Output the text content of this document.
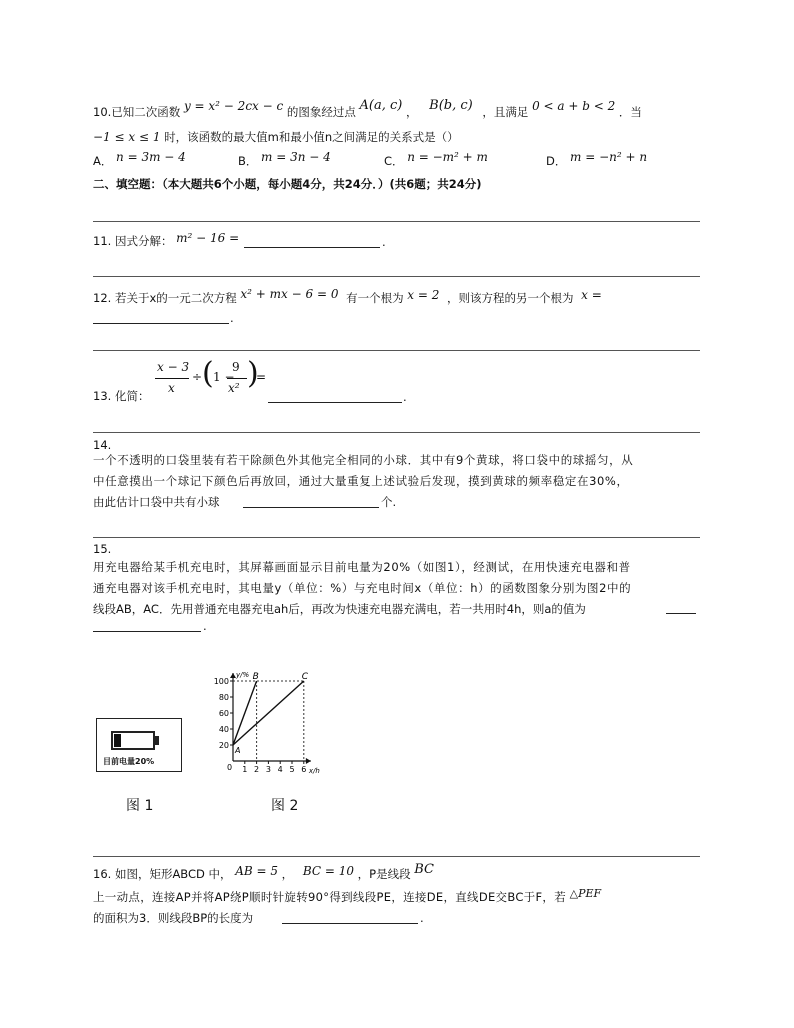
10.已知二次函数 y = x² − 2cx − c 的图象经过点 A(a, c) ， B(b, c) ，且满足 0 < a + b < 2 ．当
−1 ≤ x ≤ 1 时，该函数的最大值m和最小值n之间满足的关系式是（）
A． n = 3m − 4	B． m = 3n − 4	C． n = −m² + m	D． m = −n² + n
二、填空题：（本大题共6个小题，每小题4分，共24分．）(共6题；共24分)
11. 因式分解： m² − 16 =	.
12. 若关于x的一元二次方程 x² + mx − 6 = 0 有一个根为 x = 2 ，则该方程的另一个根为 x =
.
13. 化简：
x − 3
x
÷ ( 1 −
9
x² )
=
.
14.
一个不透明的口袋里装有若干除颜色外其他完全相同的小球．其中有9个黄球，将口袋中的球摇匀，从
中任意摸出一个球记下颜色后再放回，通过大量重复上述试验后发现，摸到黄球的频率稳定在30%，
由此估计口袋中共有小球	个.
15.
用充电器给某手机充电时，其屏幕画面显示目前电量为20%（如图1），经测试，在用快速充电器和普
通充电器对该手机充电时，其电量y（单位：%）与充电时间x（单位：h）的函数图象分别为图2中的
线段AB，AC．先用普通充电器充电ah后，再改为快速充电器充满电，若一共用时4h，则a的值为
.
目前电量20%
y/%
x/h
20
40
60
80
100
0 1 2 3 4 5 6
A
B	C
图 1	图 2
16. 如图，矩形ABCD 中， AB = 5 ， BC = 10 ，P是线段 BC
上一动点，连接AP并将AP绕P顺时针旋转90°得到线段PE，连接DE，直线DE交BC于F，若 △PEF
的面积为3．则线段BP的长度为	.
